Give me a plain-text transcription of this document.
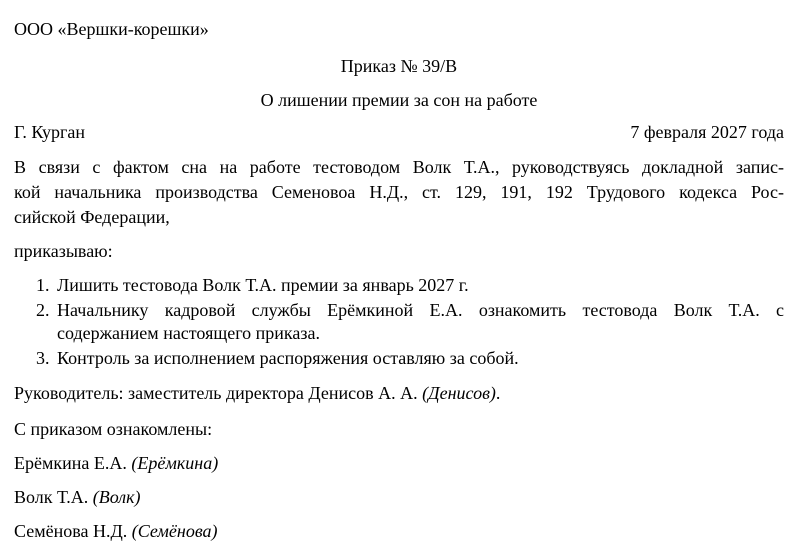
ООО «Вершки-корешки»
Приказ № 39/В
О лишении премии за сон на работе
Г. Курган	7 февраля 2027 года
В связи с фактом сна на работе тестоводом Волк Т.А., руководствуясь докладной запис-
кой начальника производства Семеновоа Н.Д., ст. 129, 191, 192 Трудового кодекса Рос-
сийской Федерации,
приказываю:
1. Лишить тестовода Волк Т.А. премии за январь 2027 г.
2. Начальнику кадровой службы Ерёмкиной Е.А. ознакомить тестовода Волк Т.А. с
содержанием настоящего приказа.
3. Контроль за исполнением распоряжения оставляю за собой.
Руководитель: заместитель директора Денисов А. А. (Денисов).
С приказом ознакомлены:
Ерёмкина Е.А. (Ерёмкина)
Волк Т.А. (Волк)
Семёнова Н.Д. (Семёнова)
